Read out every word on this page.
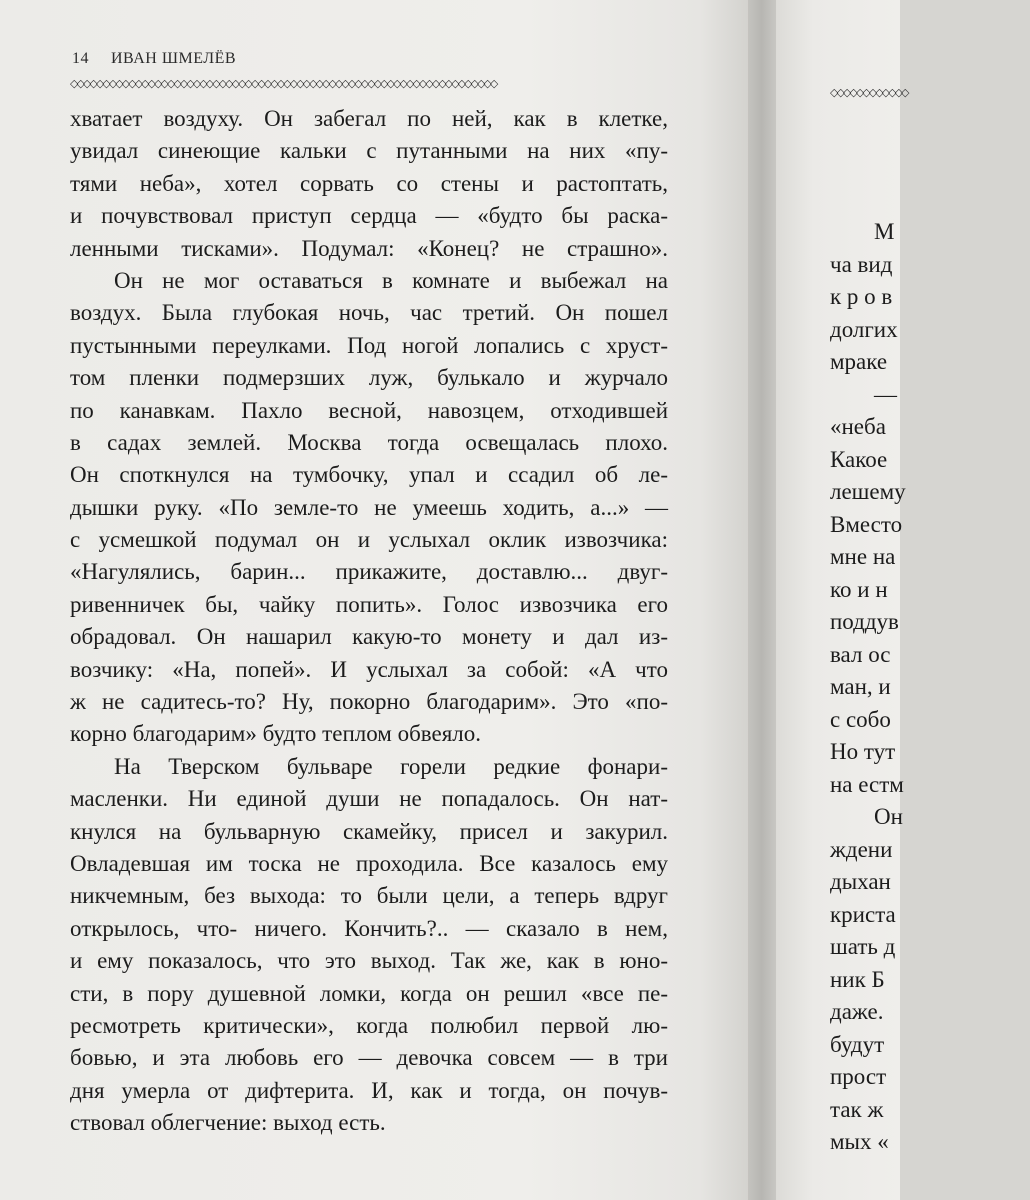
14 ИВАН ШМЕЛЁВ
◇◇◇◇◇◇◇◇◇◇◇◇◇◇◇◇◇◇◇◇◇◇◇◇◇◇◇◇◇◇◇◇◇◇◇◇◇◇◇◇◇◇◇◇◇◇◇◇◇◇◇◇◇◇◇◇◇◇◇◇◇◇◇◇◇◇
хватает воздуху. Он забегал по ней, как в клетке,
увидал синеющие кальки с путанными на них «пу-
тями неба», хотел сорвать со стены и растоптать,
и почувствовал приступ сердца — «будто бы раска-
ленными тисками». Подумал: «Конец? не страшно».
Он не мог оставаться в комнате и выбежал на
воздух. Была глубокая ночь, час третий. Он пошел
пустынными переулками. Под ногой лопались с хруст-
том пленки подмерзших луж, булькало и журчало
по канавкам. Пахло весной, навозцем, отходившей
в садах землей. Москва тогда освещалась плохо.
Он споткнулся на тумбочку, упал и ссадил об ле-
дышки руку. «По земле-то не умеешь ходить, а...» —
с усмешкой подумал он и услыхал оклик извозчика:
«Нагулялись, барин... прикажите, доставлю... двуг-
ривенничек бы, чайку попить». Голос извозчика его
обрадовал. Он нашарил какую-то монету и дал из-
возчику: «На, попей». И услыхал за собой: «А что
ж не садитесь-то? Ну, покорно благодарим». Это «по-
корно благодарим» будто теплом обвеяло.
На Тверском бульваре горели редкие фонари-
масленки. Ни единой души не попадалось. Он нат-
кнулся на бульварную скамейку, присел и закурил.
Овладевшая им тоска не проходила. Все казалось ему
никчемным, без выхода: то были цели, а теперь вдруг
открылось, что- ничего. Кончить?.. — сказало в нем,
и ему показалось, что это выход. Так же, как в юно-
сти, в пору душевной ломки, когда он решил «все пе-
ресмотреть критически», когда полюбил первой лю-
бовью, и эта любовь его — девочка совсем — в три
дня умерла от дифтерита. И, как и тогда, он почув-
ствовал облегчение: выход есть.
◇◇◇◇◇◇◇◇◇◇◇◇
М
ча вид
к р о в
долгих
мраке
—
«неба
Какое
лешему
Вместо
мне на
ко и н
поддув
вал ос
ман, и
с собо
Но тут
на естм
Он
ждени
дыхан
криста
шать д
ник Б
даже.
будут
прост
так ж
мых «
